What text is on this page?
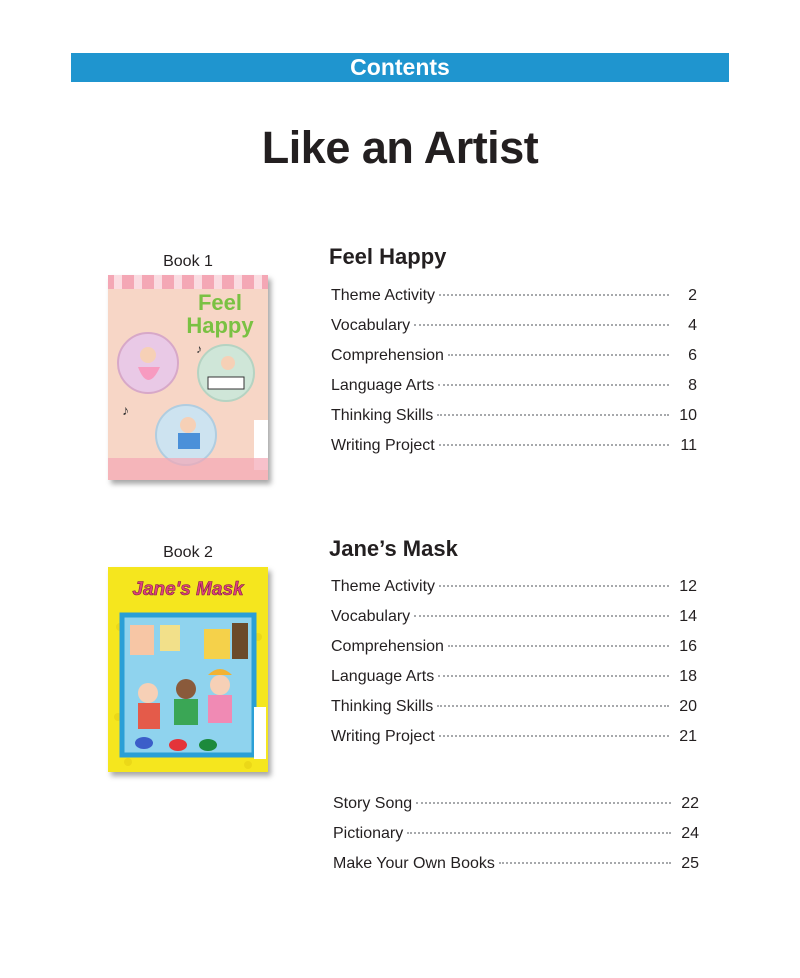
Contents
Like an Artist
Book 1
Feel
Happy
♪
♪
Feel Happy
Theme Activity	2
Vocabulary	4
Comprehension	6
Language Arts	8
Thinking Skills	10
Writing Project	11
Book 2
Jane's Mask
Jane’s Mask
Theme Activity	12
Vocabulary	14
Comprehension	16
Language Arts	18
Thinking Skills	20
Writing Project	21
Story Song	22
Pictionary	24
Make Your Own Books	25
